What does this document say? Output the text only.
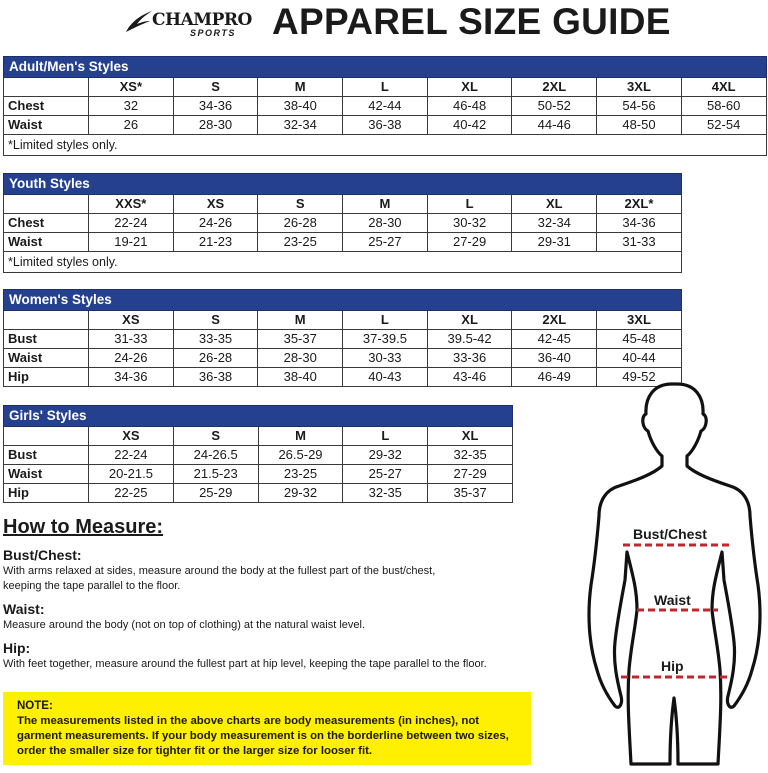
CHAMPRO
SPORTS APPAREL SIZE GUIDE
Adult/Men's Styles								
	XS*	S	M	L	XL	2XL	3XL	4XL
Chest	32	34-36	38-40	42-44	46-48	50-52	54-56	58-60
Waist	26	28-30	32-34	36-38	40-42	44-46	48-50	52-54
*Limited styles only.								
Youth Styles							
	XXS*	XS	S	M	L	XL	2XL*
Chest	22-24	24-26	26-28	28-30	30-32	32-34	34-36
Waist	19-21	21-23	23-25	25-27	27-29	29-31	31-33
*Limited styles only.							
Women's Styles							
	XS	S	M	L	XL	2XL	3XL
Bust	31-33	33-35	35-37	37-39.5	39.5-42	42-45	45-48
Waist	24-26	26-28	28-30	30-33	33-36	36-40	40-44
Hip	34-36	36-38	38-40	40-43	43-46	46-49	49-52
Girls' Styles					
	XS	S	M	L	XL
Bust	22-24	24-26.5	26.5-29	29-32	32-35
Waist	20-21.5	21.5-23	23-25	25-27	27-29
Hip	22-25	25-29	29-32	32-35	35-37
How to Measure:
Bust/Chest:
With arms relaxed at sides, measure around the body at the fullest part of the bust/chest,
keeping the tape parallel to the floor.
Waist:
Measure around the body (not on top of clothing) at the natural waist level.
Hip:
With feet together, measure around the fullest part at hip level, keeping the tape parallel to the floor.
NOTE:
The measurements listed in the above charts are body measurements (in inches), not garment measurements. If your body measurement is on the borderline between two sizes, order the smaller size for tighter fit or the larger size for looser fit.
Bust/Chest
Waist
Hip
